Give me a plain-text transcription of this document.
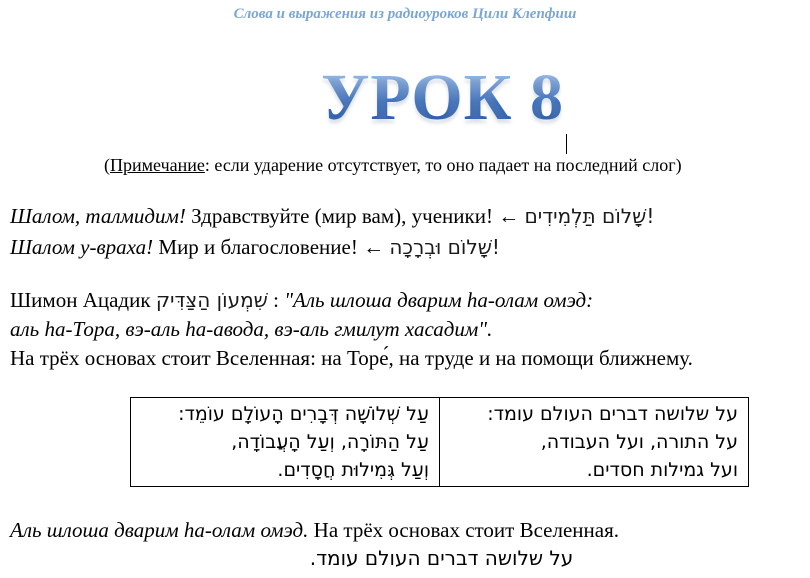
Слова и выражения из радиоуроков Цили Клепфиш
УРОК 8
(Примечание: если ударение отсутствует, то оно падает на последний слог)
Шалом, талмидим! Здравствуйте (мир вам), ученики! ← !שָׁלוֹם תַּלְמִידִים
Шалом у-враха! Мир и благословение! ← !שָׁלוֹם וּבְרָכָה
Шимон Ацадик שִׁמְעוֹן הַצַּדִּיק : "Аль шлоша дварим hа-олам омэд:
аль hа-Тора, вэ-аль hа-авода, вэ-аль гмилут хасадим".
На трёх основах стоит Вселенная: на Торе́, на труде и на помощи ближнему.
על שלושה דברים העולם עומד:
על התורה, ועל העבודה,
ועל גמילות חסדים.
עַל שְׁלוֹשָׁה דְּבָרִים הָעוֹלָם עוֹמֵד:
עַל הַתּוֹרָה, וְעַל הָעֲבוֹדָה,
וְעַל גְּמִילוּת חֲסָדִים.
Аль шлоша дварим hа-олам омэд. На трёх основах стоит Вселенная.
על שלושה דברים העולם עומד.
